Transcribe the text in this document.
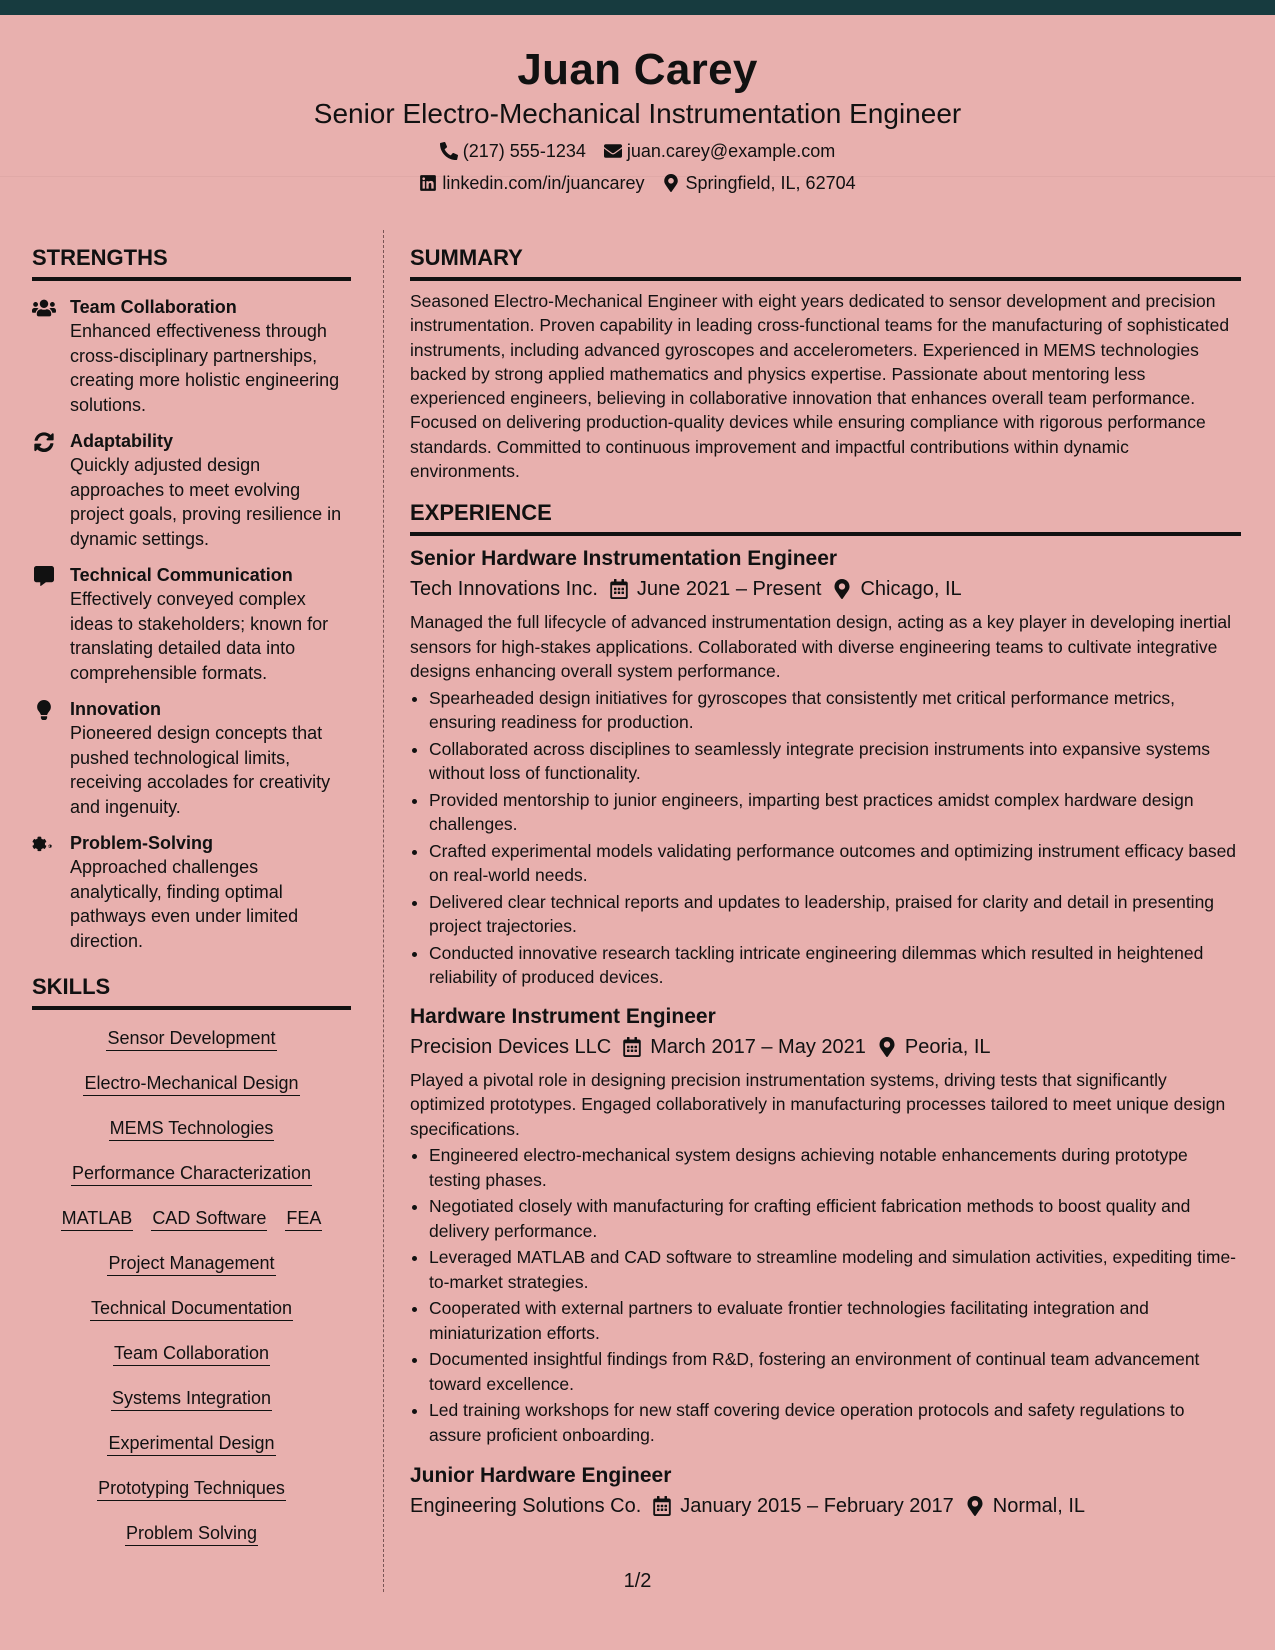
Juan Carey
Senior Electro-Mechanical Instrumentation Engineer
(217) 555-1234 juan.carey@example.com
linkedin.com/in/juancarey Springfield, IL, 62704
STRENGTHS
Team Collaboration
Enhanced effectiveness through cross-disciplinary partnerships, creating more holistic engineering solutions.
Adaptability
Quickly adjusted design approaches to meet evolving project goals, proving resilience in dynamic settings.
Technical Communication
Effectively conveyed complex ideas to stakeholders; known for translating detailed data into comprehensible formats.
Innovation
Pioneered design concepts that pushed technological limits, receiving accolades for creativity and ingenuity.
Problem-Solving
Approached challenges analytically, finding optimal pathways even under limited direction.
SKILLS
Sensor Development
Electro-Mechanical Design
MEMS Technologies
Performance Characterization
MATLAB CAD Software FEA
Project Management
Technical Documentation
Team Collaboration
Systems Integration
Experimental Design
Prototyping Techniques
Problem Solving
SUMMARY

Seasoned Electro-Mechanical Engineer with eight years dedicated to sensor development and precision instrumentation. Proven capability in leading cross-functional teams for the manufacturing of sophisticated instruments, including advanced gyroscopes and accelerometers. Experienced in MEMS technologies backed by strong applied mathematics and physics expertise. Passionate about mentoring less experienced engineers, believing in collaborative innovation that enhances overall team performance. Focused on delivering production-quality devices while ensuring compliance with rigorous performance standards. Committed to continuous improvement and impactful contributions within dynamic environments.

EXPERIENCE
Senior Hardware Instrumentation Engineer
Tech Innovations Inc. June 2021 – Present Chicago, IL

Managed the full lifecycle of advanced instrumentation design, acting as a key player in developing inertial sensors for high-stakes applications. Collaborated with diverse engineering teams to cultivate integrative designs enhancing overall system performance.

• Spearheaded design initiatives for gyroscopes that consistently met critical performance metrics, ensuring readiness for production.
• Collaborated across disciplines to seamlessly integrate precision instruments into expansive systems without loss of functionality.
• Provided mentorship to junior engineers, imparting best practices amidst complex hardware design challenges.
• Crafted experimental models validating performance outcomes and optimizing instrument efficacy based on real-world needs.
• Delivered clear technical reports and updates to leadership, praised for clarity and detail in presenting project trajectories.
• Conducted innovative research tackling intricate engineering dilemmas which resulted in heightened reliability of produced devices.
Hardware Instrument Engineer
Precision Devices LLC March 2017 – May 2021 Peoria, IL

Played a pivotal role in designing precision instrumentation systems, driving tests that significantly optimized prototypes. Engaged collaboratively in manufacturing processes tailored to meet unique design specifications.

• Engineered electro-mechanical system designs achieving notable enhancements during prototype testing phases.
• Negotiated closely with manufacturing for crafting efficient fabrication methods to boost quality and delivery performance.
• Leveraged MATLAB and CAD software to streamline modeling and simulation activities, expediting time-to-market strategies.
• Cooperated with external partners to evaluate frontier technologies facilitating integration and miniaturization efforts.
• Documented insightful findings from R&D, fostering an environment of continual team advancement toward excellence.
• Led training workshops for new staff covering device operation protocols and safety regulations to assure proficient onboarding.
Junior Hardware Engineer
Engineering Solutions Co. January 2015 – February 2017 Normal, IL
1/2
